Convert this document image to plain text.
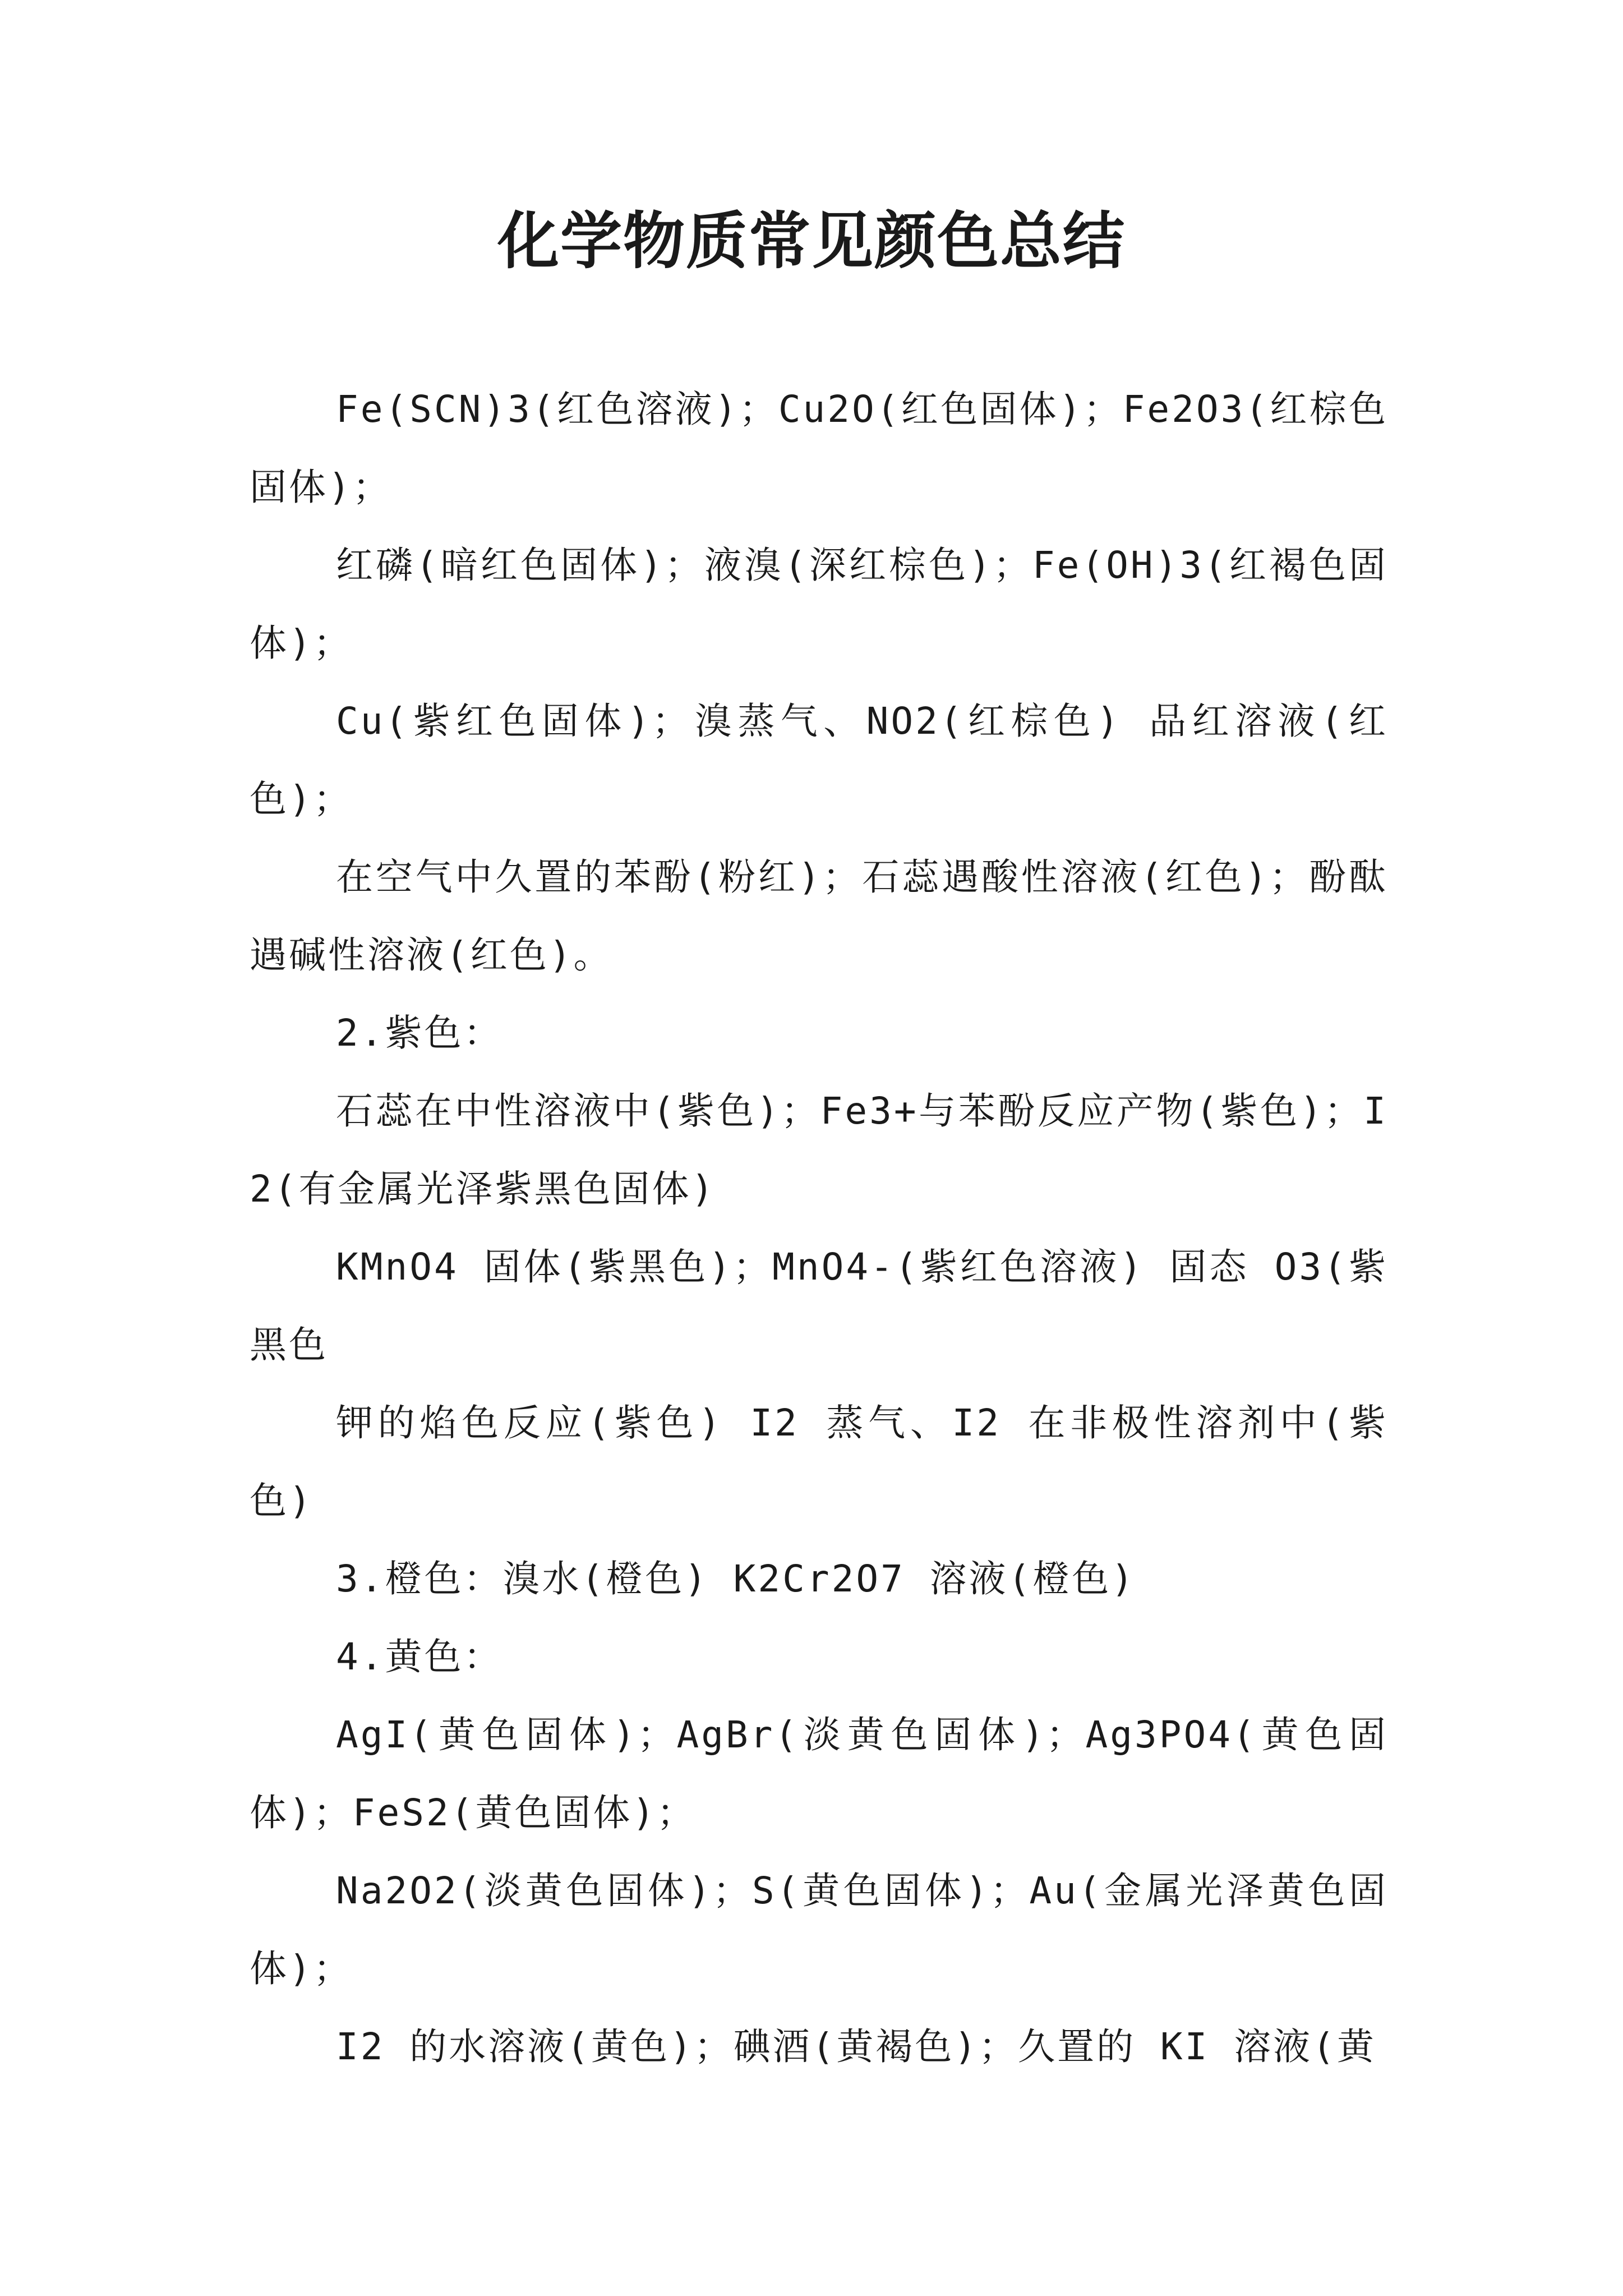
化学物质常见颜色总结

Fe(SCN)3(红色溶液)；Cu2O(红色固体)；Fe2O3(红棕色固体)；

红磷(暗红色固体)；液溴(深红棕色)；Fe(OH)3(红褐色固体)；

Cu(紫红色固体)；溴蒸气、NO2(红棕色) 品红溶液(红色)；

在空气中久置的苯酚(粉红)；石蕊遇酸性溶液(红色)；酚酞遇碱性溶液(红色)。

2.紫色：

石蕊在中性溶液中(紫色)；Fe3+与苯酚反应产物(紫色)；I2(有金属光泽紫黑色固体)

KMnO4 固体(紫黑色)；MnO4-(紫红色溶液) 固态 O3(紫黑色

钾的焰色反应(紫色) I2 蒸气、I2 在非极性溶剂中(紫色)

3.橙色：溴水(橙色) K2Cr2O7 溶液(橙色)

4.黄色：

AgI(黄色固体)；AgBr(淡黄色固体)；Ag3PO4(黄色固体)；FeS2(黄色固体)；

Na2O2(淡黄色固体)；S(黄色固体)；Au(金属光泽黄色固体)；

I2 的水溶液(黄色)；碘酒(黄褐色)；久置的 KI 溶液(黄
